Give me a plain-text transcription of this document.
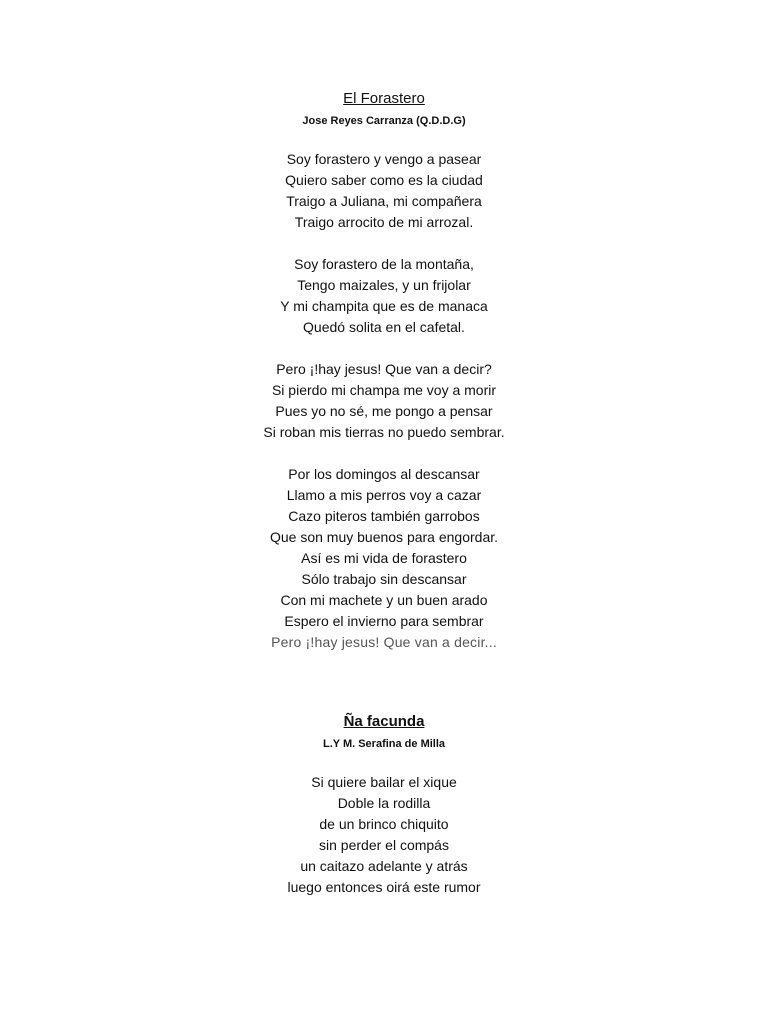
El Forastero
Jose Reyes Carranza (Q.D.D.G)
Soy forastero y vengo a pasear
Quiero saber como es la ciudad
Traigo a Juliana, mi compañera
Traigo arrocito de mi arrozal.
Soy forastero de la montaña,
Tengo maizales, y un frijolar
Y mi champita que es de manaca
Quedó solita en el cafetal.
Pero ¡!hay jesus! Que van a decir?
Si pierdo mi champa me voy a morir
Pues yo no sé, me pongo a pensar
Si roban mis tierras no puedo sembrar.
Por los domingos al descansar
Llamo a mis perros voy a cazar
Cazo piteros también garrobos
Que son muy buenos para engordar.
Así es mi vida de forastero
Sólo trabajo sin descansar
Con mi machete y un buen arado
Espero el invierno para sembrar
Pero ¡!hay jesus! Que van a decir...
Ña facunda
L.Y M. Serafina de Milla
Si quiere bailar el xique
Doble la rodilla
de un brinco chiquito
sin perder el compás
un caitazo adelante y atrás
luego entonces oirá este rumor
